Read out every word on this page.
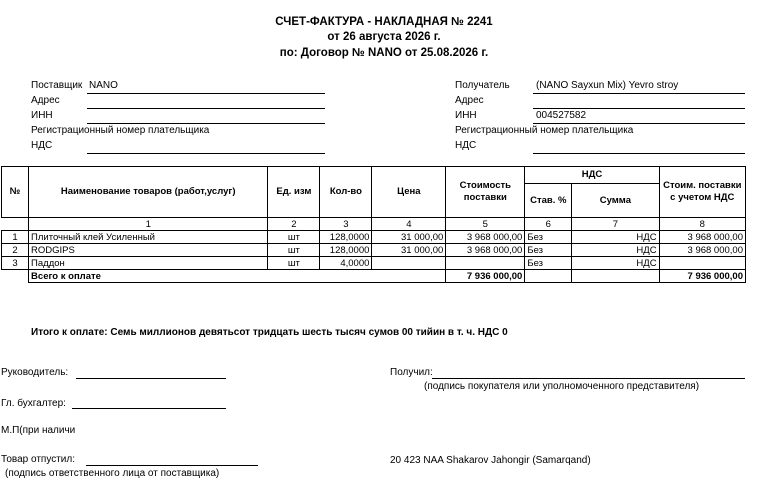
СЧЕТ-ФАКТУРА - НАКЛАДНАЯ № 2241
от 26 августа 2026 г.
по: Договор № NANO от 25.08.2026 г.
Поставщик NANO
Адрес
ИНН
Регистрационный номер плательщика
НДС
Получатель	(NANO Sayxun Mix) Yevro stroy
Адрес
ИНН	004527582
Регистрационный номер плательщика
НДС
№	Наименование товаров (работ,услуг)	Ед. изм	Кол-во	Цена	Стоимость поставки	НДС		Стоим. поставки с учетом НДС
						Став. %	Сумма	
	1	2	3	4	5	6	7	8
1	Плиточный клей Усиленный	шт	128,0000	31 000,00	3 968 000,00	Без	НДС	3 968 000,00
2	RODGIPS	шт	128,0000	31 000,00	3 968 000,00	Без	НДС	3 968 000,00
3	Паддон	шт	4,0000			Без	НДС	
	Всего к оплате				7 936 000,00			7 936 000,00
Итого к оплате: Семь миллионов девятьсот тридцать шесть тысяч сумов 00 тийин в т. ч. НДС 0
Руководитель:
Гл. бухгалтер:
М.П(при наличи
Товар отпустил:
(подпись ответственного лица от поставщика)
Получил:
(подпись покупателя или уполномоченного представителя)
20 423 NAA Shakarov Jahongir (Samarqand)
